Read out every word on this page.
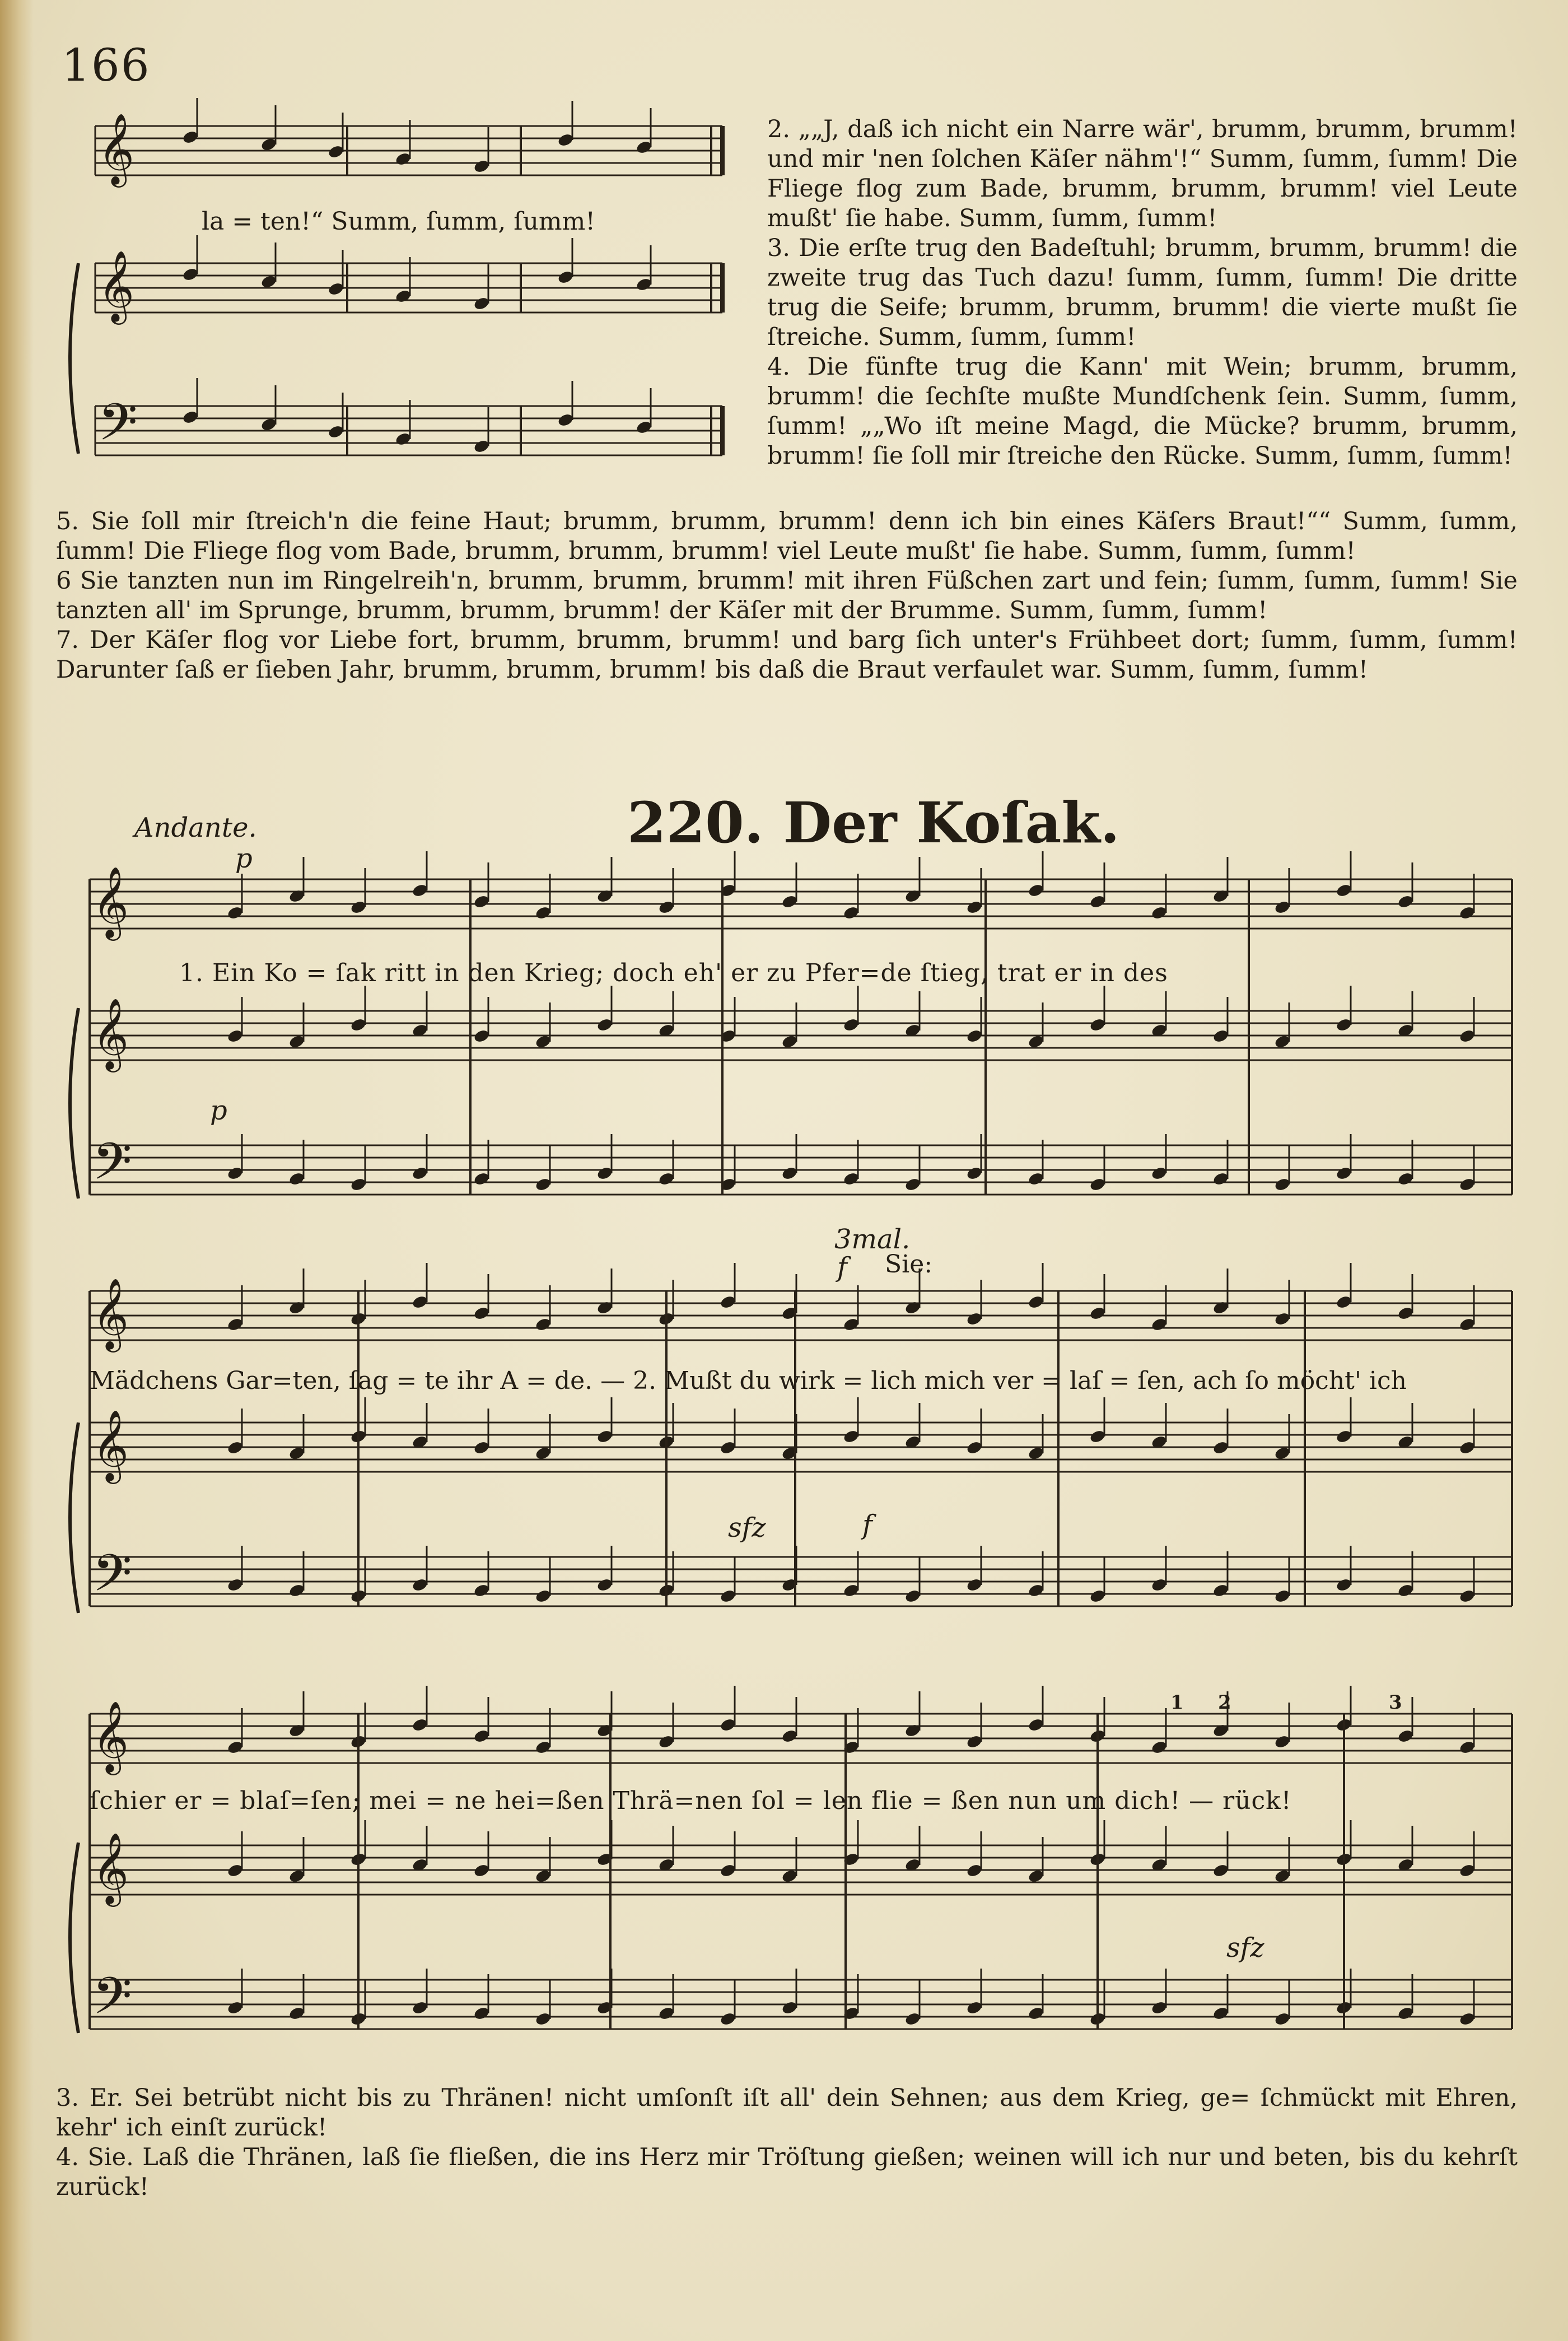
166
𝄞
𝄞
𝄢
𝄞
𝄞
𝄢
𝄞
𝄞
𝄢
𝄞
𝄞
𝄢
la = ten!“ Summ, ſumm, ſumm!

2. „„J, daß ich nicht ein Narre wär', brumm, brumm, brumm! und mir 'nen ſolchen Käſer nähm'!“ Summ, ſumm, ſumm! Die Fliege flog zum Bade, brumm, brumm, brumm! viel Leute mußt' ſie habe. Summ, ſumm, ſumm!

3. Die erſte trug den Badeſtuhl; brumm, brumm, brumm! die zweite trug das Tuch dazu! ſumm, ſumm, ſumm! Die dritte trug die Seife; brumm, brumm, brumm! die vierte mußt ſie ſtreiche. Summ, ſumm, ſumm!

4. Die fünfte trug die Kann' mit Wein; brumm, brumm, brumm! die ſechſte mußte Mundſchenk ſein. Summ, ſumm, ſumm! „„Wo iſt meine Magd, die Mücke? brumm, brumm, brumm! ſie ſoll mir ſtreiche den Rücke. Summ, ſumm, ſumm!

5. Sie ſoll mir ſtreich'n die feine Haut; brumm, brumm, brumm! denn ich bin eines Käſers Braut!““ Summ, ſumm, ſumm! Die Fliege flog vom Bade, brumm, brumm, brumm! viel Leute mußt' ſie habe. Summ, ſumm, ſumm!

6 Sie tanzten nun im Ringelreih'n, brumm, brumm, brumm! mit ihren Füßchen zart und fein; ſumm, ſumm, ſumm! Sie tanzten all' im Sprunge, brumm, brumm, brumm! der Käſer mit der Brumme. Summ, ſumm, ſumm!

7. Der Käſer flog vor Liebe fort, brumm, brumm, brumm! und barg ſich unter's Frühbeet dort; ſumm, ſumm, ſumm! Darunter ſaß er ſieben Jahr, brumm, brumm, brumm! bis daß die Braut verfaulet war. Summ, ſumm, ſumm!

Andante.	220. Der Koſak.
p
p
3mal.
f Sie:
f
sfz
sfz
1 2	3
1. Ein Ko = ſak ritt in den Krieg; doch eh' er zu Pfer=de ſtieg, trat er in des
Mädchens Gar=ten, ſag = te ihr A = de. — 2. Mußt du wirk = lich mich ver = laſ = ſen, ach ſo möcht' ich
ſchier er = blaſ=ſen; mei = ne hei=ßen Thrä=nen ſol = len flie = ßen nun um dich! — rück!

3. Er. Sei betrübt nicht bis zu Thränen! nicht umſonſt iſt all' dein Sehnen; aus dem Krieg, ge= ſchmückt mit Ehren, kehr' ich einſt zurück!

4. Sie. Laß die Thränen, laß ſie fließen, die ins Herz mir Tröſtung gießen; weinen will ich nur und beten, bis du kehrſt zurück!
